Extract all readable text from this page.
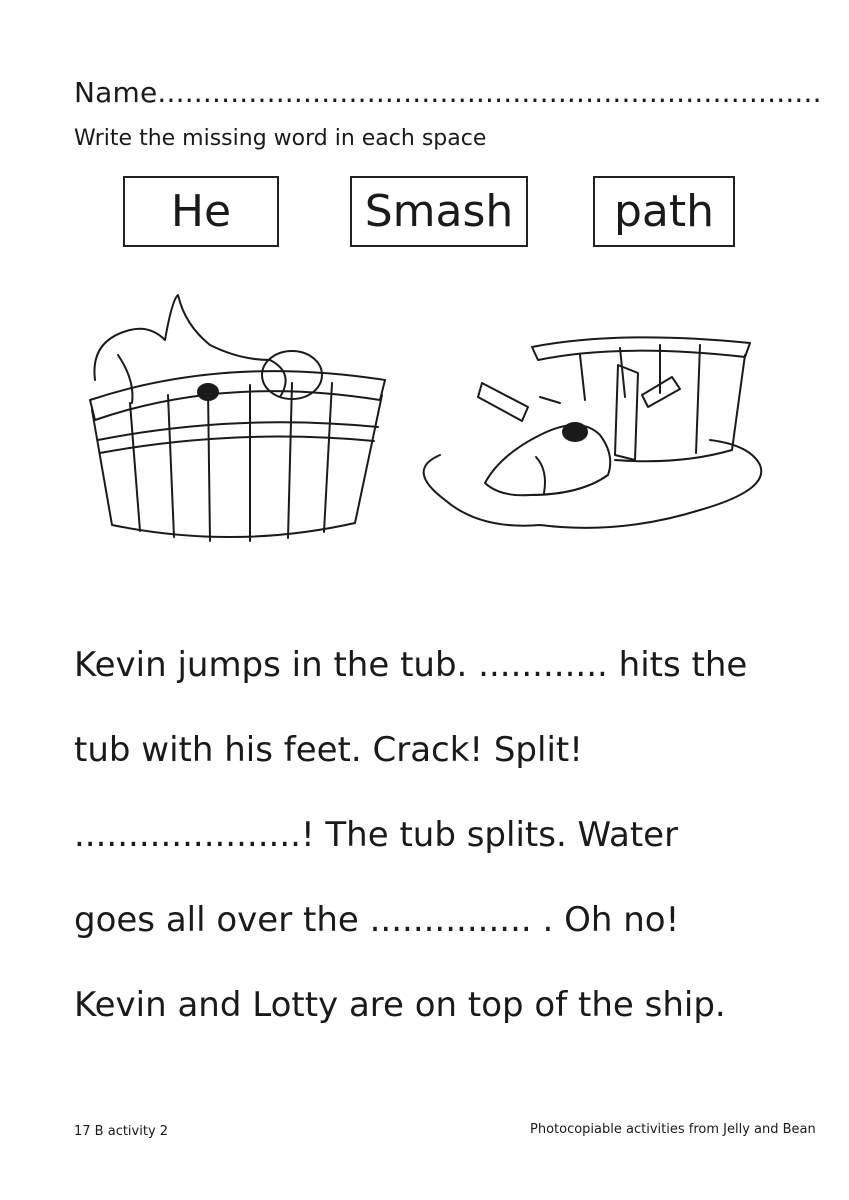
Name.........................................................................
Write the missing word in each space
He	Smash	path
Kevin jumps in the tub. ............ hits the
tub with his feet. Crack! Split!
.....................! The tub splits. Water
goes all over the ............... . Oh no!
Kevin and Lotty are on top of the ship.
17 B activity 2	Photocopiable activities from Jelly and Bean
